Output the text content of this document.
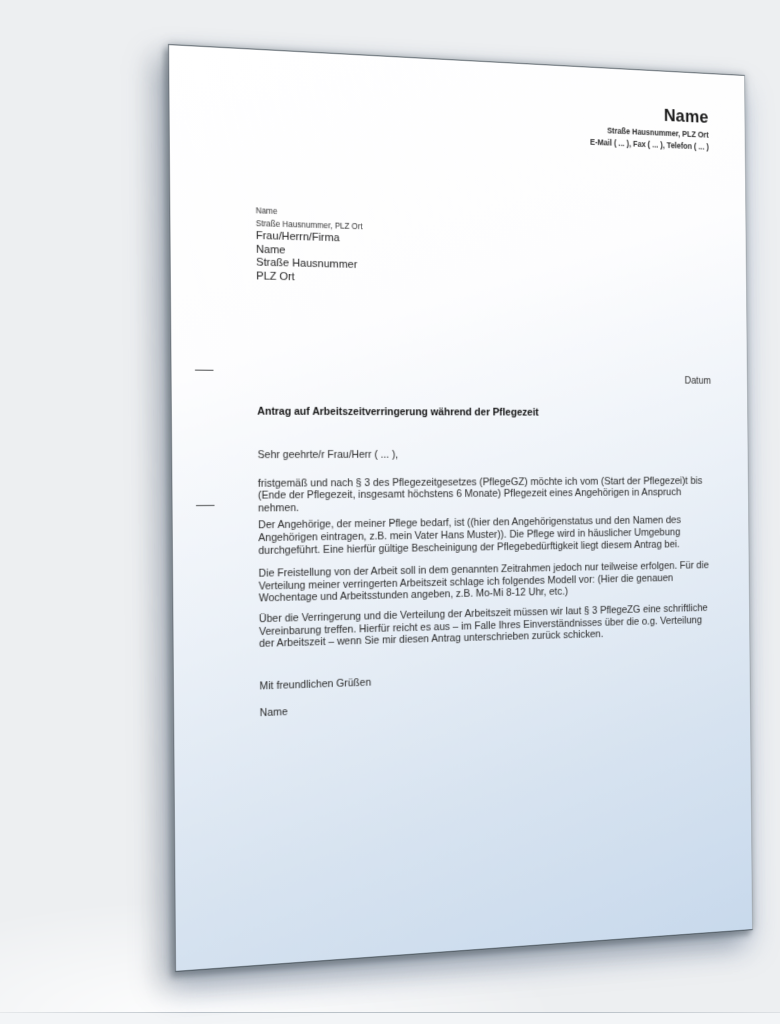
Name
Straße Hausnummer, PLZ Ort
E-Mail ( ... ), Fax ( ... ), Telefon ( ... )
Name
Straße Hausnummer, PLZ Ort
Frau/Herrn/Firma
Name
Straße Hausnummer
PLZ Ort
Datum
Antrag auf Arbeitszeitverringerung während der Pflegezeit

Sehr geehrte/r Frau/Herr ( ... ),

fristgemäß und nach § 3 des Pflegezeitgesetzes (PflegeGZ) möchte ich vom (Start der Pflegezei)t bis
(Ende der Pflegezeit, insgesamt höchstens 6 Monate) Pflegezeit eines Angehörigen in Anspruch
nehmen.

Der Angehörige, der meiner Pflege bedarf, ist ((hier den Angehörigenstatus und den Namen des
Angehörigen eintragen, z.B. mein Vater Hans Muster)). Die Pflege wird in häuslicher Umgebung
durchgeführt. Eine hierfür gültige Bescheinigung der Pflegebedürftigkeit liegt diesem Antrag bei.

Die Freistellung von der Arbeit soll in dem genannten Zeitrahmen jedoch nur teilweise erfolgen. Für die
Verteilung meiner verringerten Arbeitszeit schlage ich folgendes Modell vor: (Hier die genauen
Wochentage und Arbeitsstunden angeben, z.B. Mo-Mi 8-12 Uhr, etc.)

Über die Verringerung und die Verteilung der Arbeitszeit müssen wir laut § 3 PflegeZG eine schriftliche
Vereinbarung treffen. Hierfür reicht es aus – im Falle Ihres Einverständnisses über die o.g. Verteilung
der Arbeitszeit – wenn Sie mir diesen Antrag unterschrieben zurück schicken.

Mit freundlichen Grüßen

Name
